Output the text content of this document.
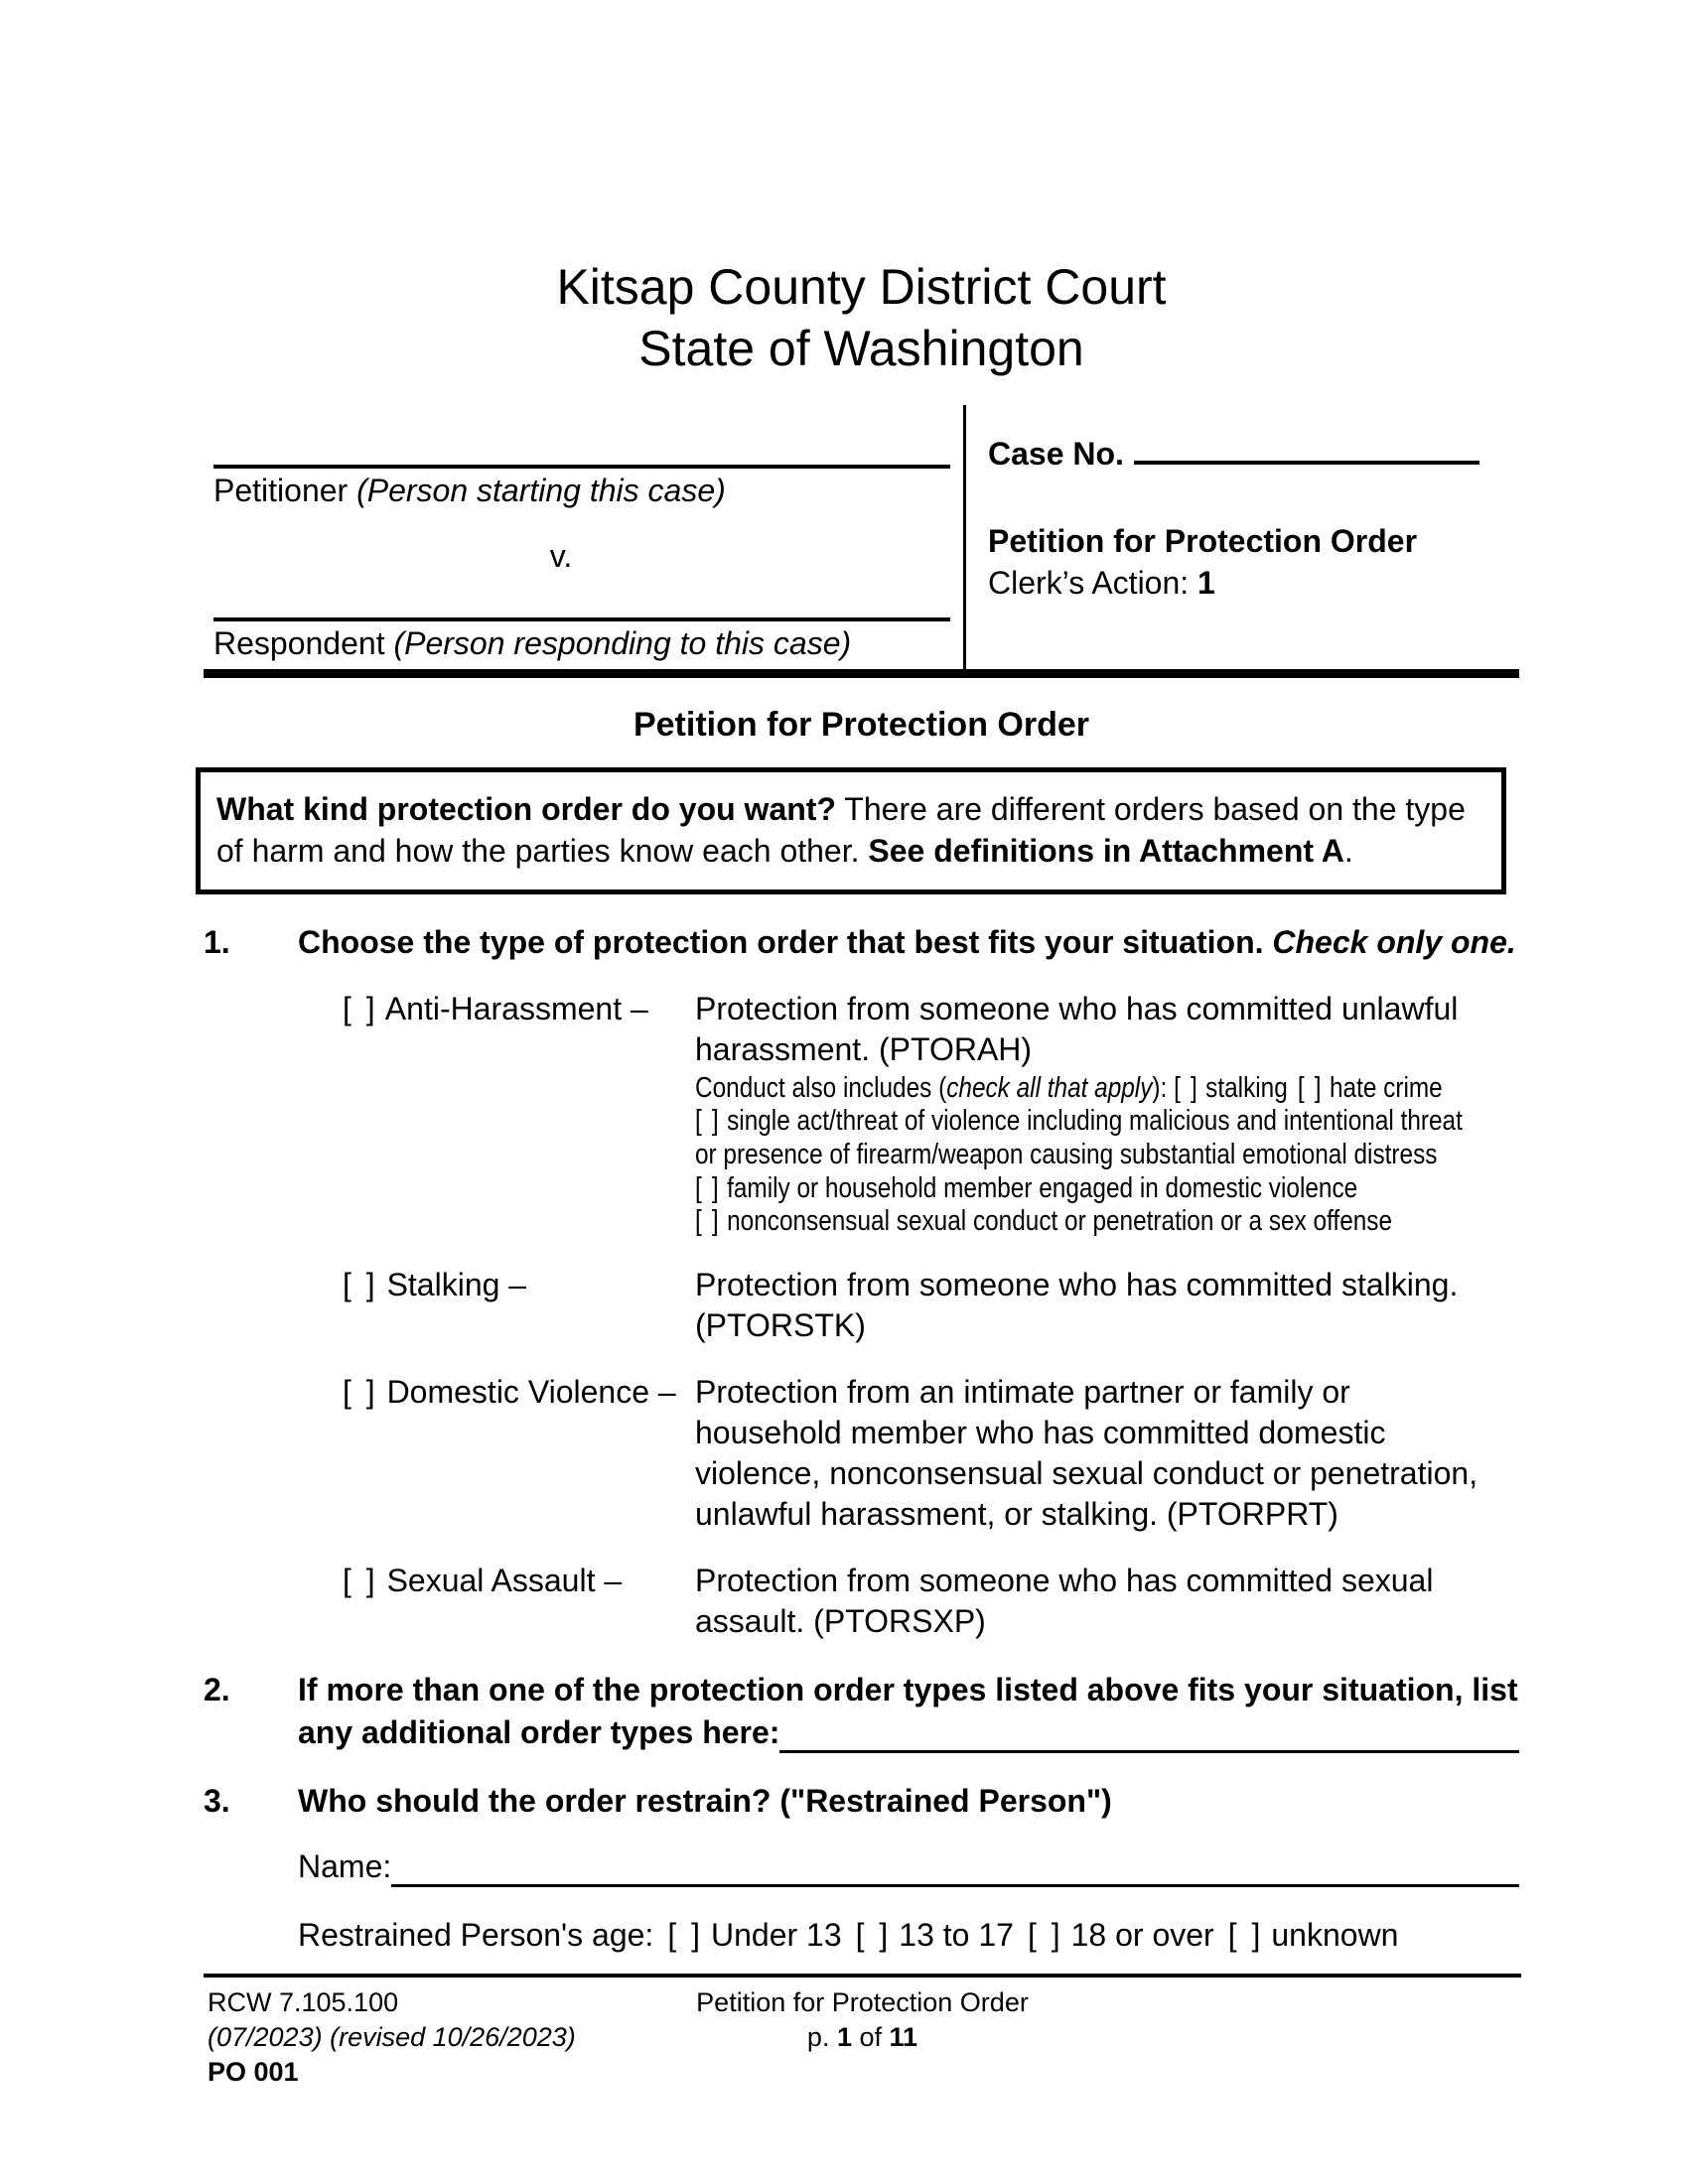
Kitsap County District Court
State of Washington
Petitioner (Person starting this case)
v.
Respondent (Person responding to this case)
Case No.
Petition for Protection Order
Clerk’s Action: 1
Petition for Protection Order
What kind protection order do you want? There are different orders based on the type of harm and how the parties know each other. See definitions in Attachment A.
1.	Choose the type of protection order that best fits your situation. Check only one.
[ ] Anti-Harassment –	Protection from someone who has committed unlawful harassment. (PTORAH)
Conduct also includes (check all that apply): [ ] stalking [ ] hate crime
[ ] single act/threat of violence including malicious and intentional threat or presence of firearm/weapon causing substantial emotional distress
[ ] family or household member engaged in domestic violence
[ ] nonconsensual sexual conduct or penetration or a sex offense
[ ] Stalking –	Protection from someone who has committed stalking. (PTORSTK)
[ ] Domestic Violence – Protection from an intimate partner or family or household member who has committed domestic violence, nonconsensual sexual conduct or penetration, unlawful harassment, or stalking. (PTORPRT)
[ ] Sexual Assault –	Protection from someone who has committed sexual assault. (PTORSXP)
2.	If more than one of the protection order types listed above fits your situation, list
any additional order types here:
3.	Who should the order restrain? ("Restrained Person")
Name:
Restrained Person's age: [ ] Under 13 [ ] 13 to 17 [ ] 18 or over [ ] unknown
RCW 7.105.100
(07/2023) (revised 10/26/2023)
PO 001
Petition for Protection Order
p. 1 of 11
